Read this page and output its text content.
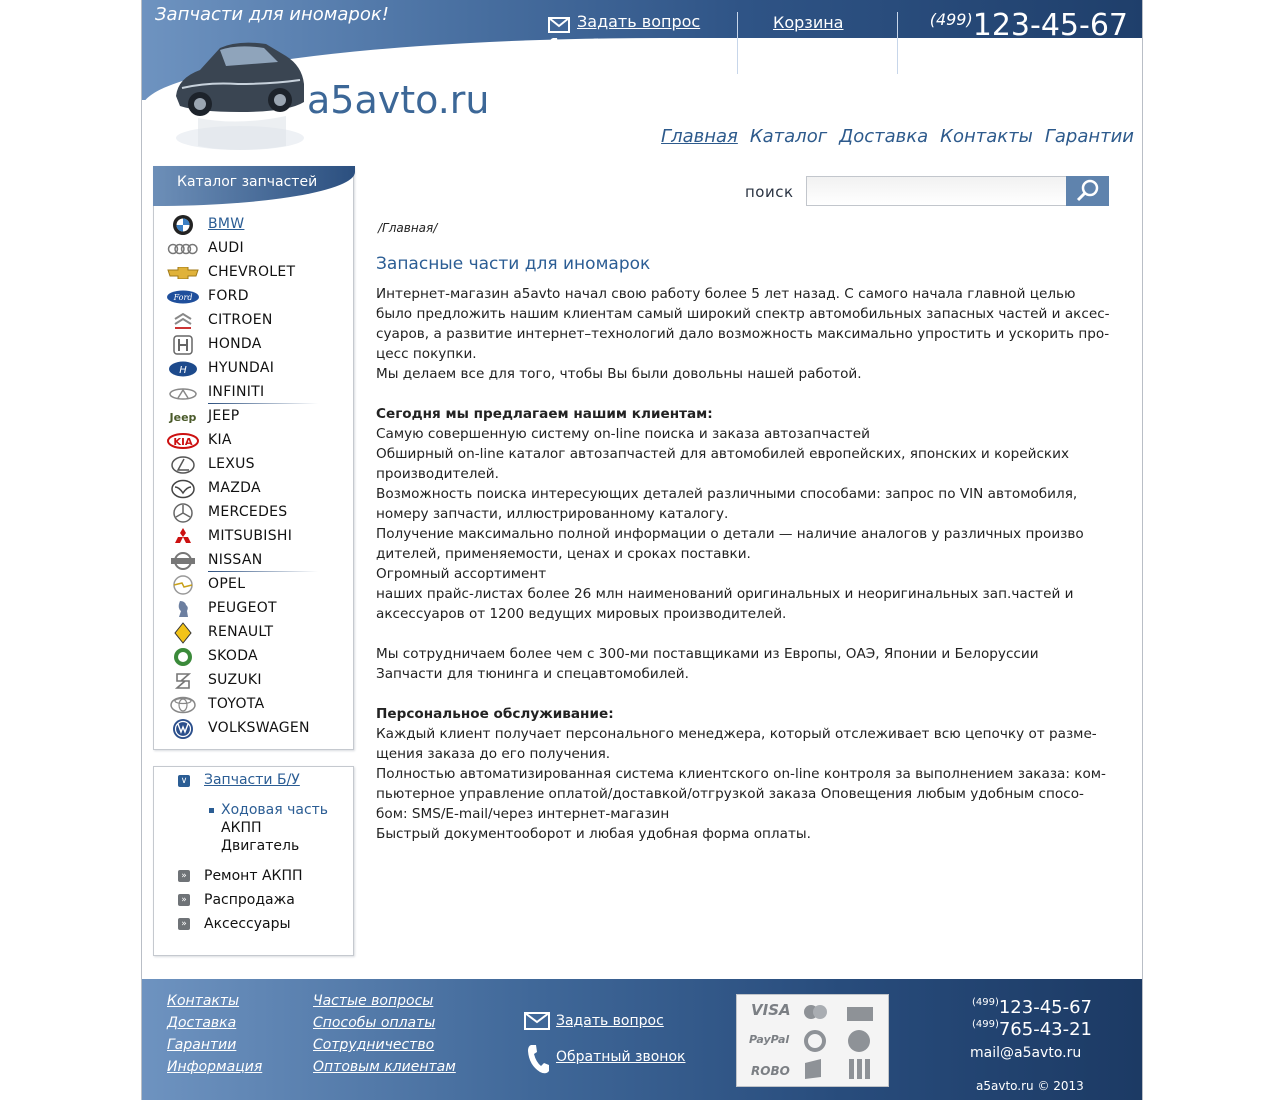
Запчасти для иномарок!
a5avto.ru
Задать вопрос
Обратный звонок
Корзина
Мои Заказы
(499)123-45-67
(499)765-43-21
Главная Каталог Доставка Контакты Гарантии
Каталог запчастей
BMW
AUDI
CHEVROLET
Ford FORD
CITROEN
HONDA
H HYUNDAI
INFINITI
Jeep JEEP
KIA KIA
LEXUS
MAZDA
MERCEDES
MITSUBISHI
NISSAN
OPEL
PEUGEOT
RENAULT
SKODA
SUZUKI
TOYOTA
VOLKSWAGEN
∨ Запчасти Б/У
Ходовая часть
АКПП
Двигатель
» Ремонт АКПП
» Распродажа
» Аксессуары
поиск
/Главная/
Запасные части для иномарок

Интернет-магазин a5avto начал свою работу более 5 лет назад. С самого начала главной целью

было предложить нашим клиентам самый широкий спектр автомобильных запасных частей и аксес-

суаров, а развитие интернет–технологий дало возможность максимально упростить и ускорить про-

цесс покупки.

Мы делаем все для того, чтобы Вы были довольны нашей работой.

Сегодня мы предлагаем нашим клиентам:

Самую совершенную систему on-line поиска и заказа автозапчастей

Обширный on-line каталог автозапчастей для автомобилей европейских, японских и корейских

производителей.

Возможность поиска интересующих деталей различными способами: запрос по VIN автомобиля,

номеру запчасти, иллюстрированному каталогу.

Получение максимально полной информации о детали — наличие аналогов у различных произво

дителей, применяемости, ценах и сроках поставки.

Огромный ассортимент

наших прайс-листах более 26 млн наименований оригинальных и неоригинальных зап.частей и

аксессуаров от 1200 ведущих мировых производителей.

Мы сотрудничаем более чем с 300-ми поставщиками из Европы, ОАЭ, Японии и Белоруссии

Запчасти для тюнинга и спецавтомобилей.

Персональное обслуживание:

Каждый клиент получает персонального менеджера, который отслеживает всю цепочку от разме-

щения заказа до его получения.

Полностью автоматизированная система клиентского on-line контроля за выполнением заказа: ком-

пьютерное управление оплатой/доставкой/отгрузкой заказа Оповещения любым удобным спосо-

бом: SMS/E-mail/через интернет-магазин

Быстрый документооборот и любая удобная форма оплаты.

Контакты
Доставка
Гарантии
Информация
Частые вопросы
Способы оплаты
Сотрудничество
Оптовым клиентам
Задать вопрос
Обратный звонок
VISA
PayPal
ROBO
$^{(499)}$123-45-67
$^{(499)}$765-43-21
mail@a5avto.ru
a5avto.ru © 2013
